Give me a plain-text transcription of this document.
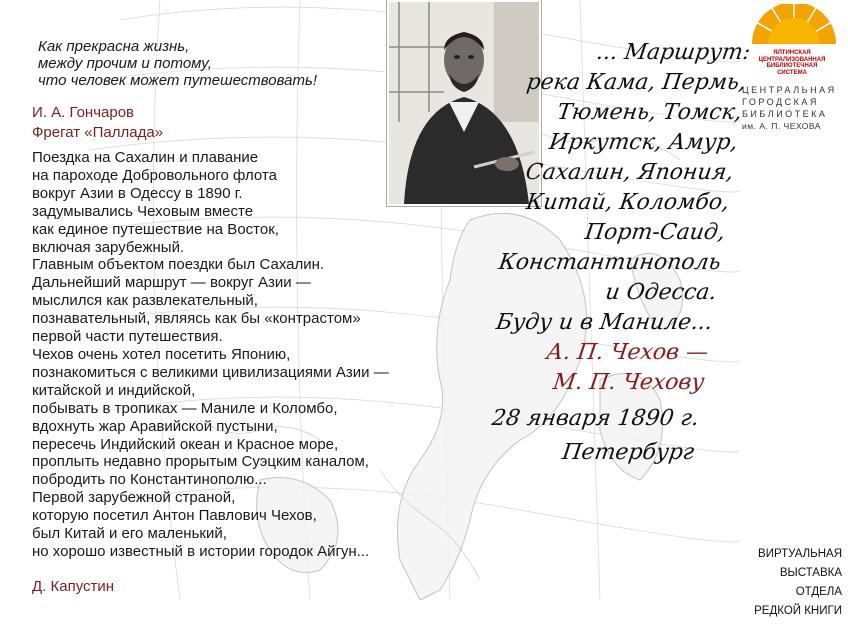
Как прекрасна жизнь,
между прочим и потому,
что человек может путешествовать!
И. А. Гончаров
Фрегат «Паллада»
Поездка на Сахалин и плавание
на пароходе Добровольного флота
вокруг Азии в Одессу в 1890 г.
задумывались Чеховым вместе
как единое путешествие на Восток,
включая зарубежный.
Главным объектом поездки был Сахалин.
Дальнейший маршрут — вокруг Азии —
мыслился как развлекательный,
познавательный, являясь как бы «контрастом»
первой части путешествия.
Чехов очень хотел посетить Японию,
познакомиться с великими цивилизациями Азии —
китайской и индийской,
побывать в тропиках — Маниле и Коломбо,
вдохнуть жар Аравийской пустыни,
пересечь Индийский океан и Красное море,
проплыть недавно прорытым Суэцким каналом,
побродить по Константинополю...
Первой зарубежной страной,
которую посетил Антон Павлович Чехов,
был Китай и его маленький,
но хорошо известный в истории городок Айгун...
Д. Капустин
... Маршрут:
река Кама, Пермь,
Тюмень, Томск,
Иркутск, Амур,
Сахалин, Япония,
Китай, Коломбо,
Порт-Саид,
Константинополь
и Одесса.
Буду и в Маниле...
А. П. Чехов —
М. П. Чеховy
28 января 1890 г.
Петербург
ЯЛТИНСКАЯ ЦЕНТРАЛИЗОВАННАЯ
БИБЛИОТЕЧНАЯ
СИСТЕМА
ЦЕНТРАЛЬНАЯ
ГОРОДСКАЯ
БИБЛИОТЕКА
им. А. П. ЧЕХОВА
ВИРТУАЛЬНАЯ
ВЫСТАВКА
ОТДЕЛА
РЕДКОЙ КНИГИ
